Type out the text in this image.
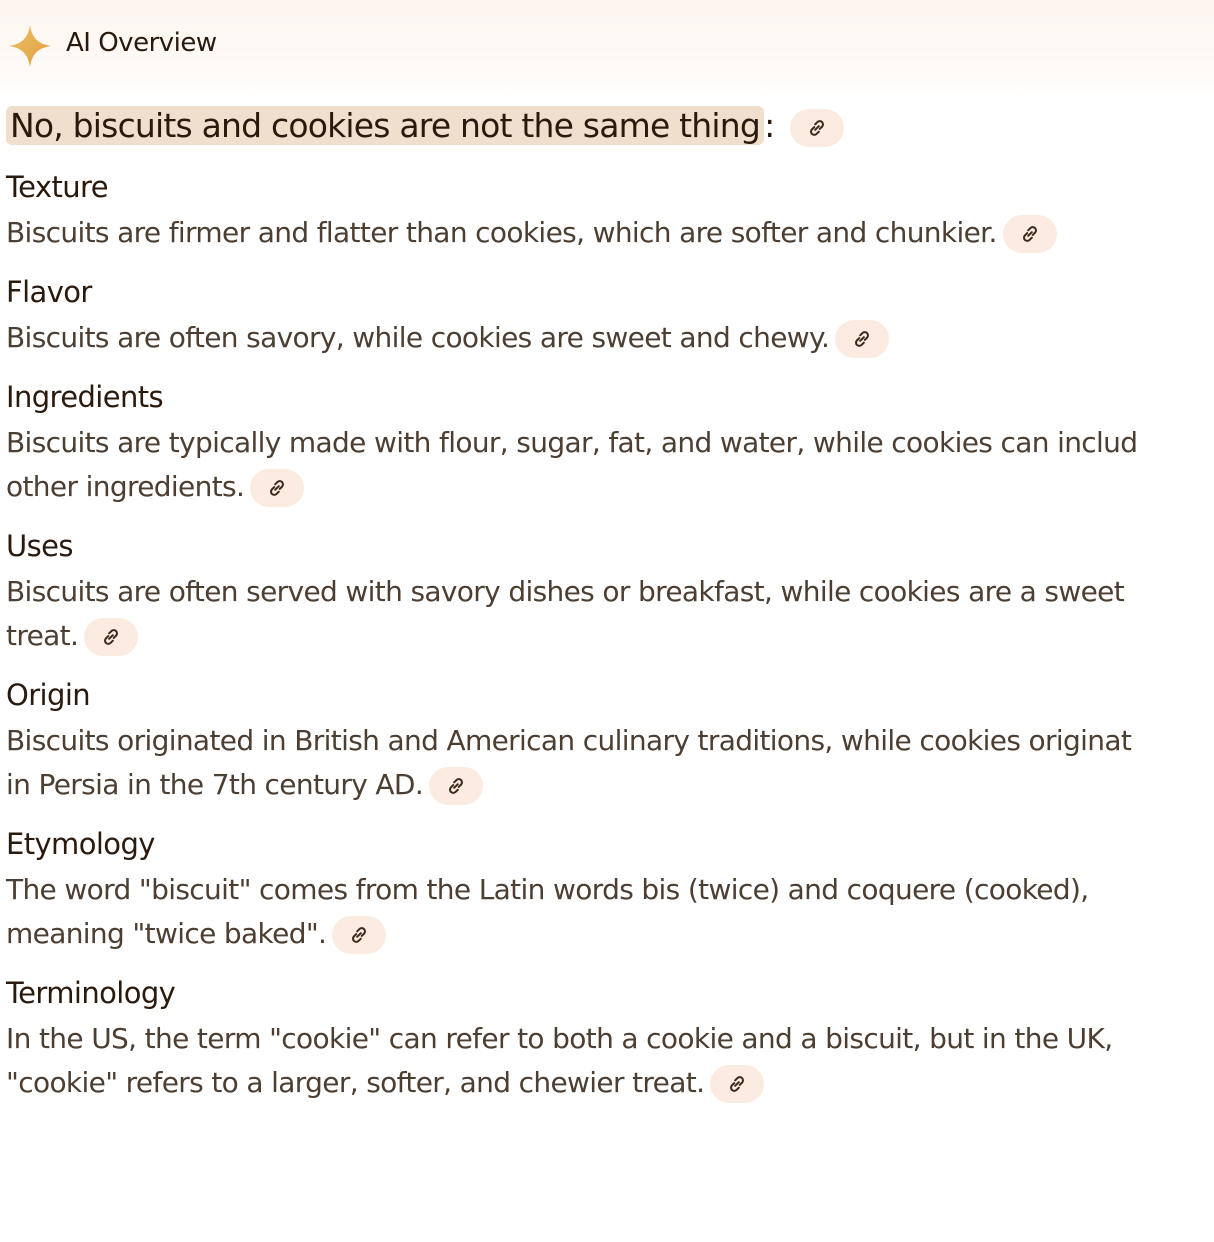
AI Overview
No, biscuits and cookies are not the same thing :
Texture

Biscuits are firmer and flatter than cookies, which are softer and chunkier.

Flavor

Biscuits are often savory, while cookies are sweet and chewy.

Ingredients

Biscuits are typically made with flour, sugar, fat, and water, while cookies can includ
other ingredients.

Uses

Biscuits are often served with savory dishes or breakfast, while cookies are a sweet
treat.

Origin

Biscuits originated in British and American culinary traditions, while cookies originat
in Persia in the 7th century AD.

Etymology

The word "biscuit" comes from the Latin words bis (twice) and coquere (cooked),
meaning "twice baked".

Terminology

In the US, the term "cookie" can refer to both a cookie and a biscuit, but in the UK,
"cookie" refers to a larger, softer, and chewier treat.
